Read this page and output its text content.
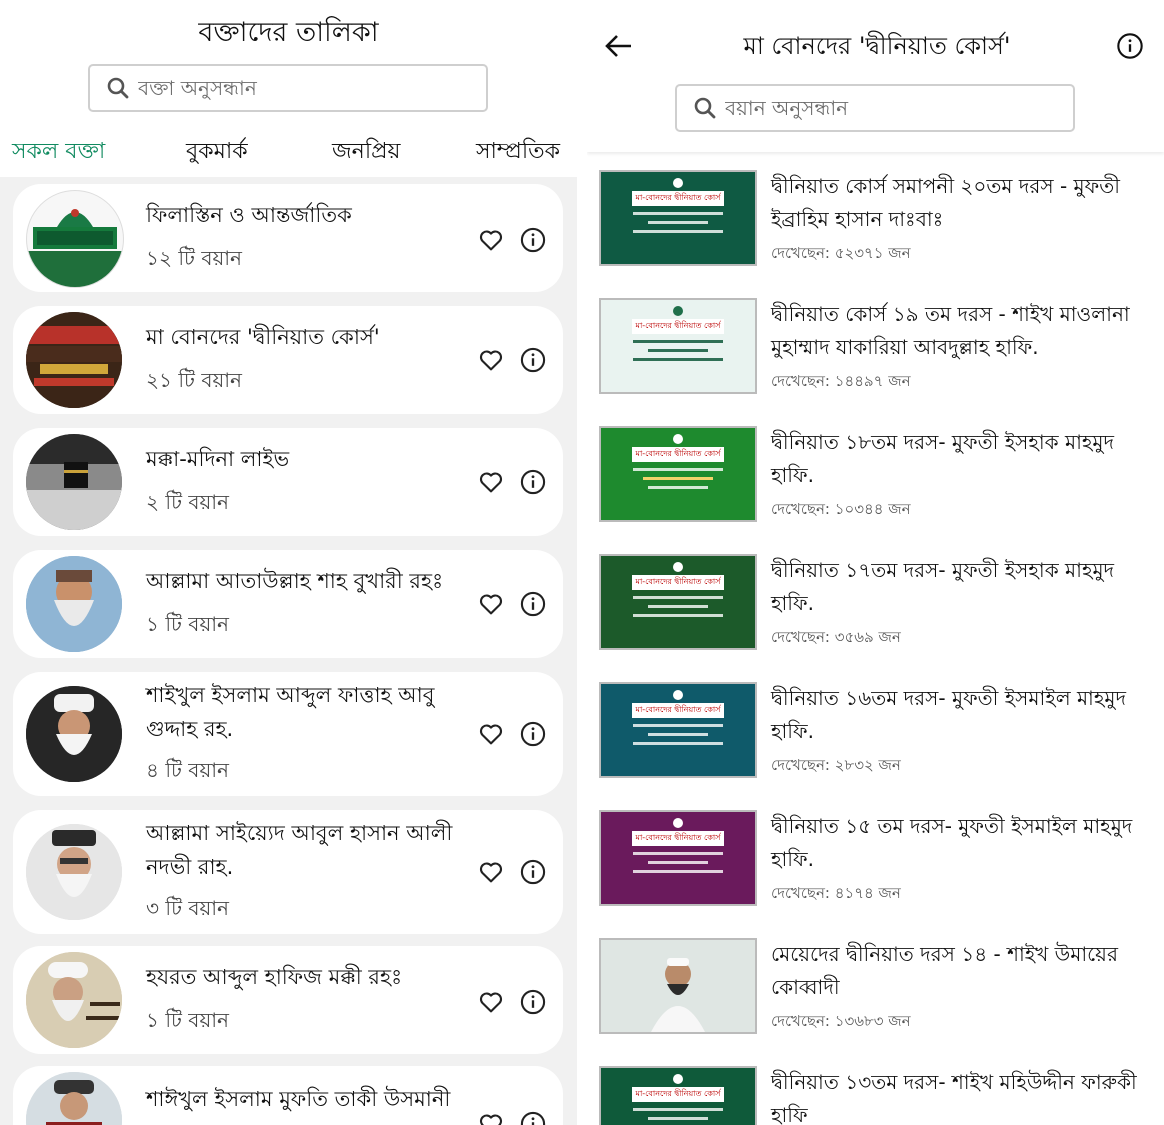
বক্তাদের তালিকা
বক্তা অনুসন্ধান
সকল বক্তা	বুকমার্ক	জনপ্রিয়	সাম্প্রতিক
ফিলাস্তিন ও আন্তর্জাতিক
১২ টি বয়ান
মা বোনদের 'দ্বীনিয়াত কোর্স'
২১ টি বয়ান
মক্কা-মদিনা লাইভ
২ টি বয়ান
আল্লামা আতাউল্লাহ শাহ বুখারী রহঃ
১ টি বয়ান
শাইখুল ইসলাম আব্দুল ফাত্তাহ আবু গুদ্দাহ রহ.
৪ টি বয়ান
আল্লামা সাইয়্যেদ আবুল হাসান আলী নদভী রাহ.
৩ টি বয়ান
হযরত আব্দুল হাফিজ মক্কী রহঃ
১ টি বয়ান
শাঈখুল ইসলাম মুফতি তাকী উসমানী
মা বোনদের 'দ্বীনিয়াত কোর্স'
বয়ান অনুসন্ধান
মা-বোনদের দ্বীনিয়াত কোর্স	দ্বীনিয়াত কোর্স সমাপনী ২০তম দরস - মুফতী ইব্রাহিম হাসান দাঃবাঃ
দেখেছেন: ৫২৩৭১ জন
মা-বোনদের দ্বীনিয়াত কোর্স	দ্বীনিয়াত কোর্স ১৯ তম দরস - শাইখ মাওলানা মুহাম্মাদ যাকারিয়া আবদুল্লাহ হাফি.
দেখেছেন: ১৪৪৯৭ জন
মা-বোনদের দ্বীনিয়াত কোর্স	দ্বীনিয়াত ১৮তম দরস- মুফতী ইসহাক মাহমুদ হাফি.
দেখেছেন: ১০৩৪৪ জন
মা-বোনদের দ্বীনিয়াত কোর্স	দ্বীনিয়াত ১৭তম দরস- মুফতী ইসহাক মাহমুদ হাফি.
দেখেছেন: ৩৫৬৯ জন
মা-বোনদের দ্বীনিয়াত কোর্স	দ্বীনিয়াত ১৬তম দরস- মুফতী ইসমাইল মাহমুদ হাফি.
দেখেছেন: ২৮৩২ জন
মা-বোনদের দ্বীনিয়াত কোর্স	দ্বীনিয়াত ১৫ তম দরস- মুফতী ইসমাইল মাহমুদ হাফি.
দেখেছেন: ৪১৭৪ জন
মেয়েদের দ্বীনিয়াত দরস ১৪ - শাইখ উমায়ের কোব্বাদী
দেখেছেন: ১৩৬৮৩ জন
মা-বোনদের দ্বীনিয়াত কোর্স	দ্বীনিয়াত ১৩তম দরস- শাইখ মহিউদ্দীন ফারুকী হাফি
